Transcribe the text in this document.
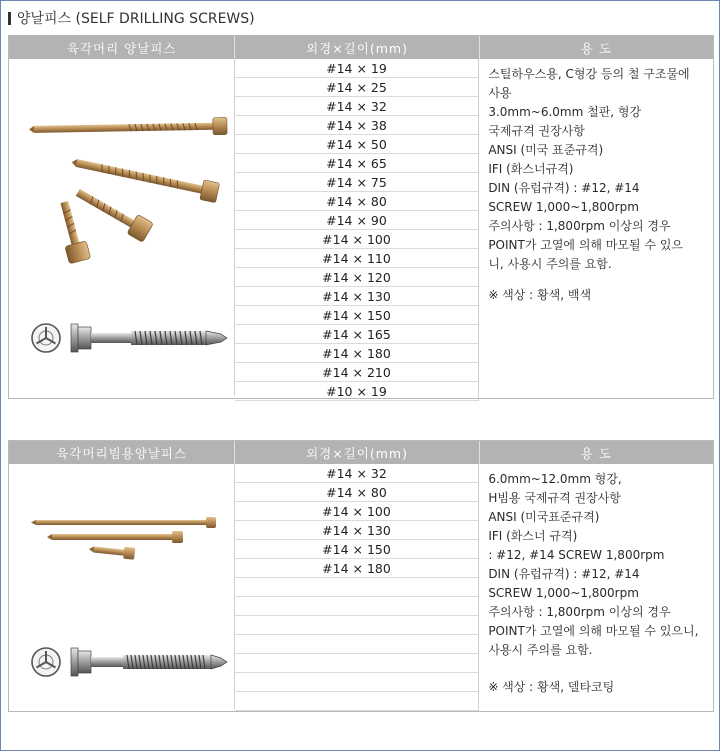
양날피스 (SELF DRILLING SCREWS)
육각머리 양날피스	외경×길이(mm)	용 도
#14 × 19
#14 × 25
#14 × 32
#14 × 38
#14 × 50
#14 × 65
#14 × 75
#14 × 80
#14 × 90
#14 × 100
#14 × 110
#14 × 120
#14 × 130
#14 × 150
#14 × 165
#14 × 180
#14 × 210
#10 × 19
스틸하우스용, C형강 등의 철 구조물에
사용
3.0mm~6.0mm 철판, 형강
국제규격 권장사항
ANSI (미국 표준규격)
IFI (화스너규격)
DIN (유럽규격) : #12, #14
SCREW 1,000~1,800rpm
주의사항 : 1,800rpm 이상의 경우
POINT가 고열에 의해 마모될 수 있으
니, 사용시 주의를 요함.
※ 색상 : 황색, 백색
육각머리빔용양날피스	외경×길이(mm)	용 도
#14 × 32
#14 × 80
#14 × 100
#14 × 130
#14 × 150
#14 × 180
6.0mm~12.0mm 형강,
H빔용 국제규격 권장사항
ANSI (미국표준규격)
IFI (화스너 규격)
: #12, #14 SCREW 1,800rpm
DIN (유럽규격) : #12, #14
SCREW 1,000~1,800rpm
주의사항 : 1,800rpm 이상의 경우
POINT가 고열에 의해 마모될 수 있으니,
사용시 주의를 요함.
※ 색상 : 황색, 델타코팅
